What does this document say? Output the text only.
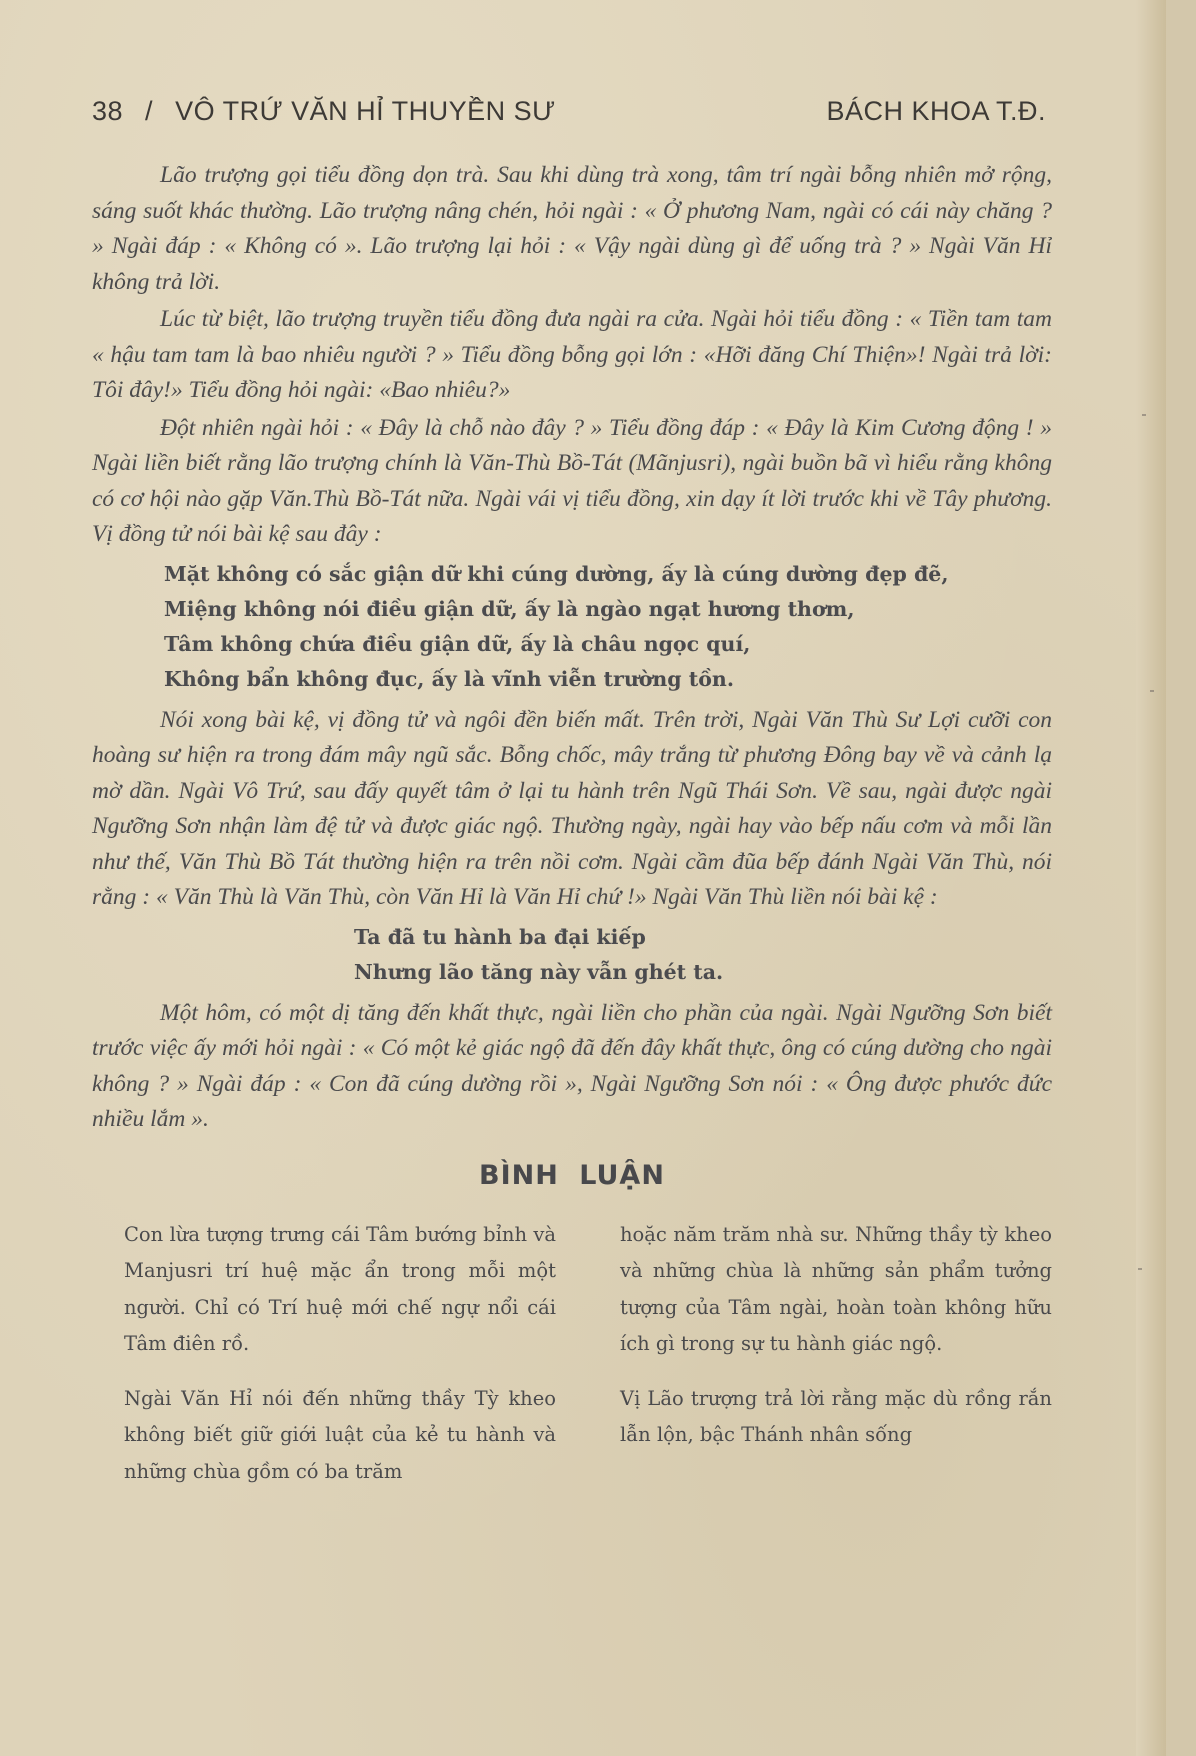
38 / VÔ TRỨ VĂN HỈ THUYỀN SƯ	BÁCH KHOA T.Đ.

Lão trượng gọi tiểu đồng dọn trà. Sau khi dùng trà xong, tâm trí ngài bỗng nhiên mở rộng, sáng suốt khác thường. Lão trượng nâng chén, hỏi ngài : « Ở phương Nam, ngài có cái này chăng ? » Ngài đáp : « Không có ». Lão trượng lại hỏi : « Vậy ngài dùng gì để uống trà ? » Ngài Văn Hỉ không trả lời.

Lúc từ biệt, lão trượng truyền tiểu đồng đưa ngài ra cửa. Ngài hỏi tiểu đồng : « Tiền tam tam « hậu tam tam là bao nhiêu người ? » Tiểu đồng bỗng gọi lớn : «Hỡi đăng Chí Thiện»! Ngài trả lời: Tôi đây!» Tiểu đồng hỏi ngài: «Bao nhiêu?»

Đột nhiên ngài hỏi : « Đây là chỗ nào đây ? » Tiểu đồng đáp : « Đây là Kim Cương động ! » Ngài liền biết rằng lão trượng chính là Văn-Thù Bồ-Tát (Mãnjusri), ngài buồn bã vì hiểu rằng không có cơ hội nào gặp Văn.Thù Bồ-Tát nữa. Ngài vái vị tiểu đồng, xin dạy ít lời trước khi về Tây phương. Vị đồng tử nói bài kệ sau đây :

Mặt không có sắc giận dữ khi cúng dường, ấy là cúng dường đẹp đẽ,
Miệng không nói điều giận dữ, ấy là ngào ngạt hương thơm,
Tâm không chứa điều giận dữ, ấy là châu ngọc quí,
Không bẩn không đục, ấy là vĩnh viễn trường tồn.

Nói xong bài kệ, vị đồng tử và ngôi đền biến mất. Trên trời, Ngài Văn Thù Sư Lợi cưỡi con hoàng sư hiện ra trong đám mây ngũ sắc. Bỗng chốc, mây trắng từ phương Đông bay về và cảnh lạ mờ dần. Ngài Vô Trứ, sau đấy quyết tâm ở lại tu hành trên Ngũ Thái Sơn. Về sau, ngài được ngài Ngưỡng Sơn nhận làm đệ tử và được giác ngộ. Thường ngày, ngài hay vào bếp nấu cơm và mỗi lần như thế, Văn Thù Bồ Tát thường hiện ra trên nồi cơm. Ngài cầm đũa bếp đánh Ngài Văn Thù, nói rằng : « Văn Thù là Văn Thù, còn Văn Hỉ là Văn Hỉ chứ !» Ngài Văn Thù liền nói bài kệ :

Ta đã tu hành ba đại kiếp
Nhưng lão tăng này vẫn ghét ta.

Một hôm, có một dị tăng đến khất thực, ngài liền cho phần của ngài. Ngài Ngưỡng Sơn biết trước việc ấy mới hỏi ngài : « Có một kẻ giác ngộ đã đến đây khất thực, ông có cúng dường cho ngài không ? » Ngài đáp : « Con đã cúng dường rồi », Ngài Ngưỡng Sơn nói : « Ông được phước đức nhiều lắm ».

BÌNH LUẬN

Con lừa tượng trưng cái Tâm bướng bỉnh và Manjusri trí huệ mặc ẩn trong mỗi một người. Chỉ có Trí huệ mới chế ngự nổi cái Tâm điên rồ.

Ngài Văn Hỉ nói đến những thầy Tỳ kheo không biết giữ giới luật của kẻ tu hành và những chùa gồm có ba trăm

hoặc năm trăm nhà sư. Những thầy tỳ kheo và những chùa là những sản phẩm tưởng tượng của Tâm ngài, hoàn toàn không hữu ích gì trong sự tu hành giác ngộ.

Vị Lão trượng trả lời rằng mặc dù rồng rắn lẫn lộn, bậc Thánh nhân sống
